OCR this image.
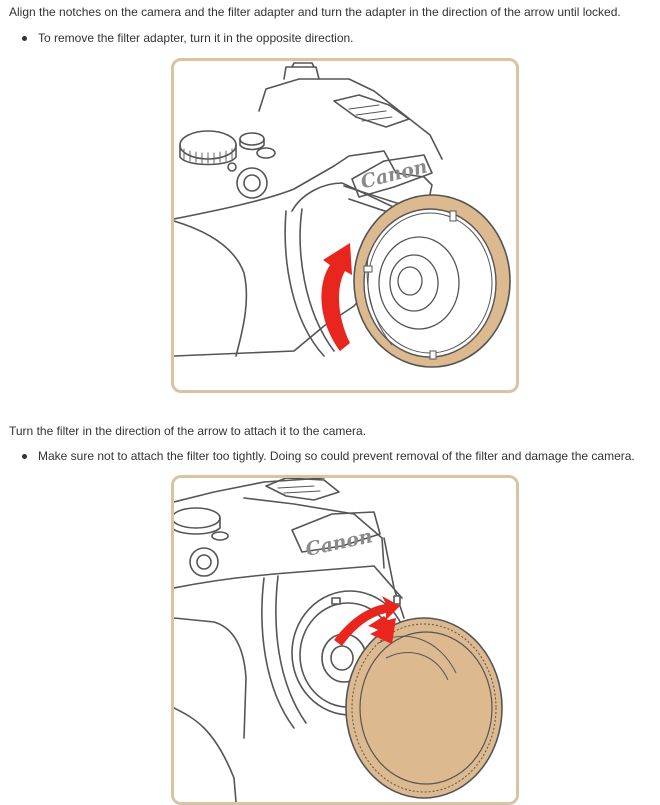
Align the notches on the camera and the filter adapter and turn the adapter in the direction of the arrow until locked.

To remove the filter adapter, turn it in the opposite direction.
Canon

Turn the filter in the direction of the arrow to attach it to the camera.

Make sure not to attach the filter too tightly. Doing so could prevent removal of the filter and damage the camera.
Canon
